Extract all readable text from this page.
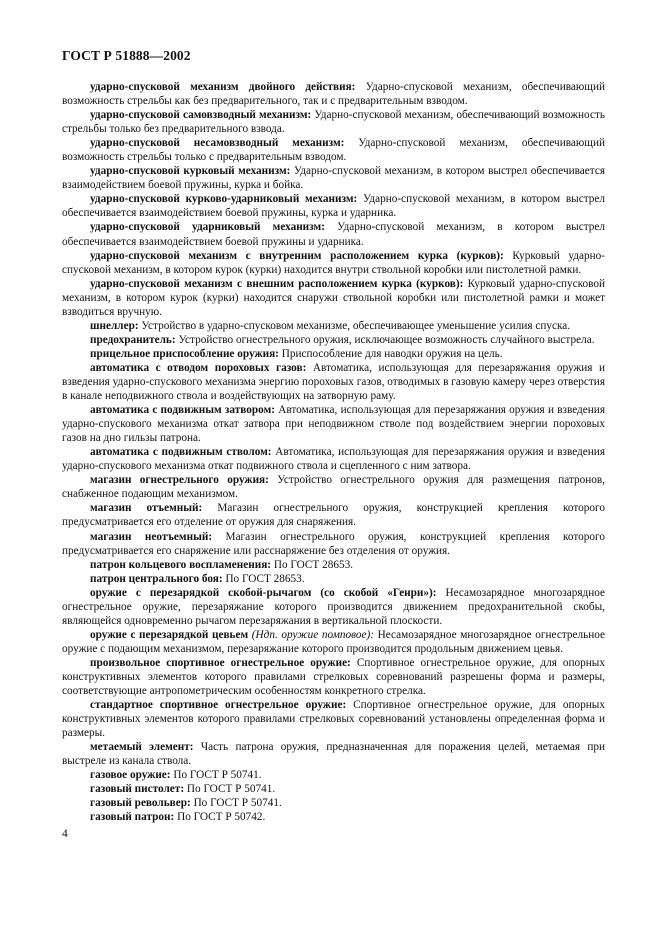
ГОСТ Р 51888—2002

ударно-спусковой механизм двойного действия: Ударно-спусковой механизм, обеспечивающий возможность стрельбы как без предварительного, так и с предварительным взводом.

ударно-спусковой самовзводный механизм: Ударно-спусковой механизм, обеспечивающий возможность стрельбы только без предварительного взвода.

ударно-спусковой несамовзводный механизм: Ударно-спусковой механизм, обеспечивающий возможность стрельбы только с предварительным взводом.

ударно-спусковой курковый механизм: Ударно-спусковой механизм, в котором выстрел обеспечивается взаимодействием боевой пружины, курка и бойка.

ударно-спусковой курково-ударниковый механизм: Ударно-спусковой механизм, в котором выстрел обеспечивается взаимодействием боевой пружины, курка и ударника.

ударно-спусковой ударниковый механизм: Ударно-спусковой механизм, в котором выстрел обеспечивается взаимодействием боевой пружины и ударника.

ударно-спусковой механизм с внутренним расположением курка (курков): Курковый ударно-спусковой механизм, в котором курок (курки) находится внутри ствольной коробки или пистолетной рамки.

ударно-спусковой механизм с внешним расположением курка (курков): Курковый ударно-спусковой механизм, в котором курок (курки) находится снаружи ствольной коробки или пистолетной рамки и может взводиться вручную.

шнеллер: Устройство в ударно-спусковом механизме, обеспечивающее уменьшение усилия спуска.

предохранитель: Устройство огнестрельного оружия, исключающее возможность случайного выстрела.

прицельное приспособление оружия: Приспособление для наводки оружия на цель.

автоматика с отводом пороховых газов: Автоматика, использующая для перезаряжания оружия и взведения ударно-спускового механизма энергию пороховых газов, отводимых в газовую камеру через отверстия в канале неподвижного ствола и воздействующих на затворную раму.

автоматика с подвижным затвором: Автоматика, использующая для перезаряжания оружия и взведения ударно-спускового механизма откат затвора при неподвижном стволе под воздействием энергии пороховых газов на дно гильзы патрона.

автоматика с подвижным стволом: Автоматика, использующая для перезаряжания оружия и взведения ударно-спускового механизма откат подвижного ствола и сцепленного с ним затвора.

магазин огнестрельного оружия: Устройство огнестрельного оружия для размещения патронов, снабженное подающим механизмом.

магазин отъемный: Магазин огнестрельного оружия, конструкцией крепления которого предусматривается его отделение от оружия для снаряжения.

магазин неотъемный: Магазин огнестрельного оружия, конструкцией крепления которого предусматривается его снаряжение или расснаряжение без отделения от оружия.

патрон кольцевого воспламенения: По ГОСТ 28653.

патрон центрального боя: По ГОСТ 28653.

оружие с перезарядкой скобой-рычагом (со скобой «Генри»): Несамозарядное многозарядное огнестрельное оружие, перезаряжание которого производится движением предохранительной скобы, являющейся одновременно рычагом перезаряжания в вертикальной плоскости.

оружие с перезарядкой цевьем (Ндп. оружие помповое): Несамозарядное многозарядное огнестрельное оружие с подающим механизмом, перезаряжание которого производится продольным движением цевья.

произвольное спортивное огнестрельное оружие: Спортивное огнестрельное оружие, для опорных конструктивных элементов которого правилами стрелковых соревнований разрешены форма и размеры, соответствующие антропометрическим особенностям конкретного стрелка.

стандартное спортивное огнестрельное оружие: Спортивное огнестрельное оружие, для опорных конструктивных элементов которого правилами стрелковых соревнований установлены определенная форма и размеры.

метаемый элемент: Часть патрона оружия, предназначенная для поражения целей, метаемая при выстреле из канала ствола.

газовое оружие: По ГОСТ Р 50741.

газовый пистолет: По ГОСТ Р 50741.

газовый револьвер: По ГОСТ Р 50741.

газовый патрон: По ГОСТ Р 50742.

4
